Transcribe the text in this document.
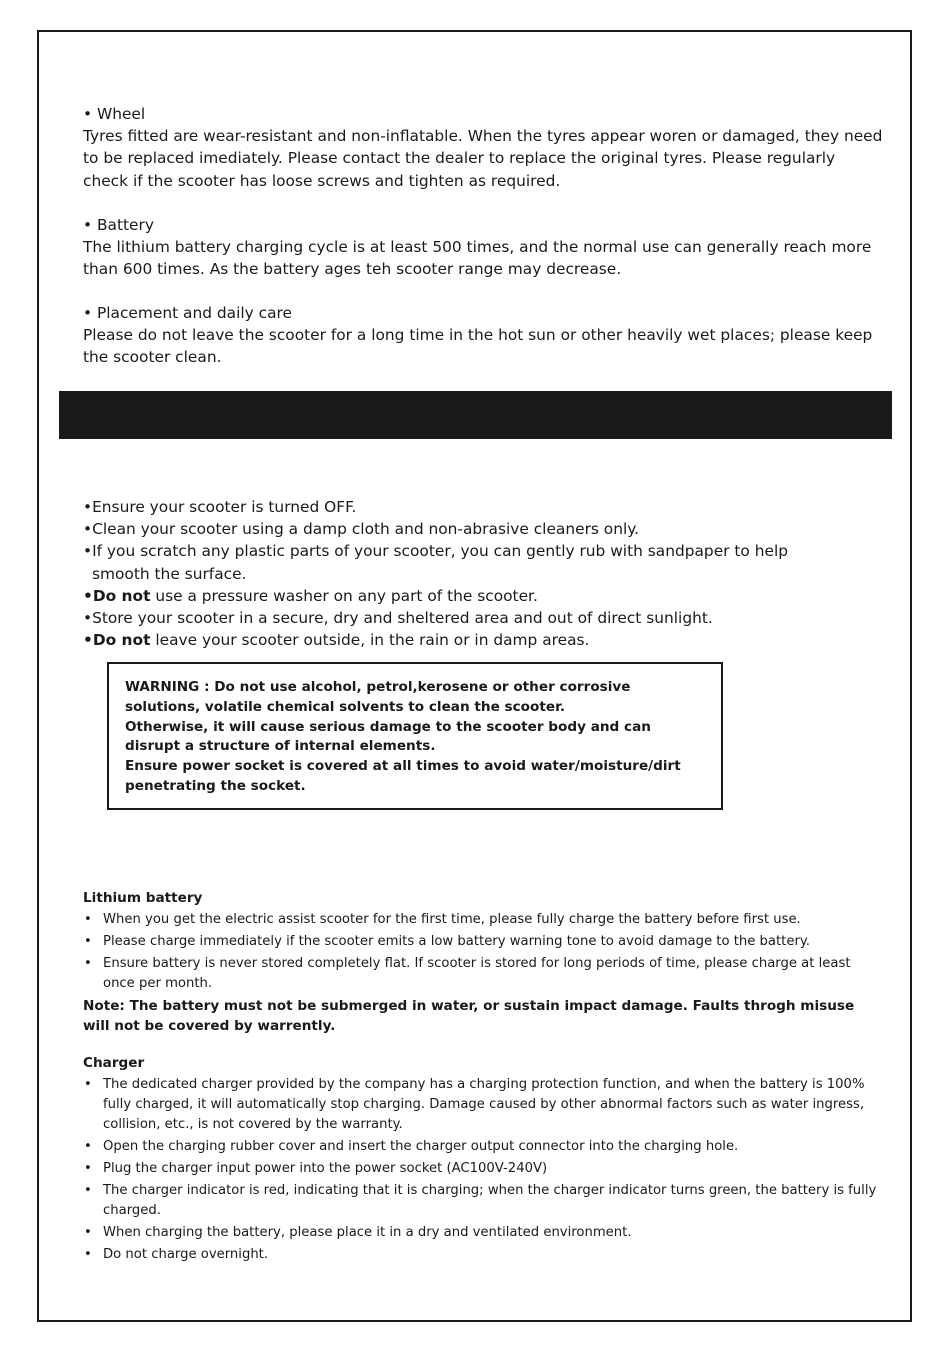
• Wheel

Tyres fitted are wear-resistant and non-inflatable. When the tyres appear woren or damaged, they need to be replaced imediately. Please contact the dealer to replace the original tyres. Please regularly check if the scooter has loose screws and tighten as required.

• Battery

The lithium battery charging cycle is at least 500 times, and the normal use can generally reach more than 600 times. As the battery ages teh scooter range may decrease.

• Placement and daily care

Please do not leave the scooter for a long time in the hot sun or other heavily wet places; please keep the scooter clean.

•Ensure your scooter is turned OFF.

•Clean your scooter using a damp cloth and non-abrasive cleaners only.

•If you scratch any plastic parts of your scooter, you can gently rub with sandpaper to help

smooth the surface.

•Do not use a pressure washer on any part of the scooter.

•Store your scooter in a secure, dry and sheltered area and out of direct sunlight.

•Do not leave your scooter outside, in the rain or in damp areas.

WARNING : Do not use alcohol, petrol,kerosene or other corrosive solutions, volatile chemical solvents to clean the scooter.

Otherwise, it will cause serious damage to the scooter body and can disrupt a structure of internal elements.

Ensure power socket is covered at all times to avoid water/moisture/dirt penetrating the socket.

Lithium battery

• When you get the electric assist scooter for the first time, please fully charge the battery before first use.
• Please charge immediately if the scooter emits a low battery warning tone to avoid damage to the battery.
• Ensure battery is never stored completely flat. If scooter is stored for long periods of time, please charge at least once per month.

Note: The battery must not be submerged in water, or sustain impact damage. Faults throgh misuse will not be covered by warrently.

Charger

• The dedicated charger provided by the company has a charging protection function, and when the battery is 100% fully charged, it will automatically stop charging. Damage caused by other abnormal factors such as water ingress, collision, etc., is not covered by the warranty.
• Open the charging rubber cover and insert the charger output connector into the charging hole.
• Plug the charger input power into the power socket (AC100V-240V)
• The charger indicator is red, indicating that it is charging; when the charger indicator turns green, the battery is fully charged.
• When charging the battery, please place it in a dry and ventilated environment.
• Do not charge overnight.
